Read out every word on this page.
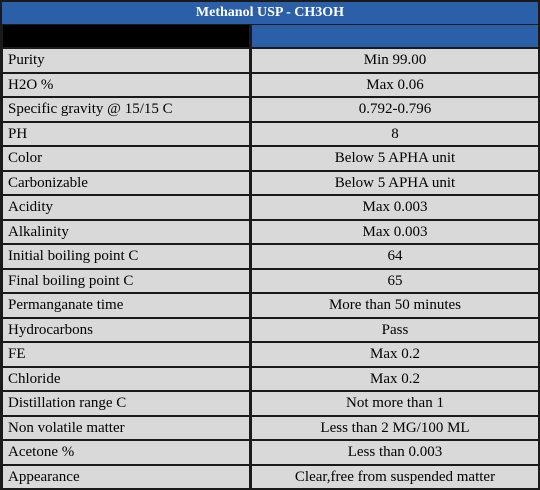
Methanol USP - CH3OH
Purity	Min 99.00
H2O %	Max 0.06
Specific gravity @ 15/15 C	0.792-0.796
PH	8
Color	Below 5 APHA unit
Carbonizable	Below 5 APHA unit
Acidity	Max 0.003
Alkalinity	Max 0.003
Initial boiling point C	64
Final boiling point C	65
Permanganate time	More than 50 minutes
Hydrocarbons	Pass
FE	Max 0.2
Chloride	Max 0.2
Distillation range C	Not more than 1
Non volatile matter	Less than 2 MG/100 ML
Acetone %	Less than 0.003
Appearance	Clear,free from suspended matter
